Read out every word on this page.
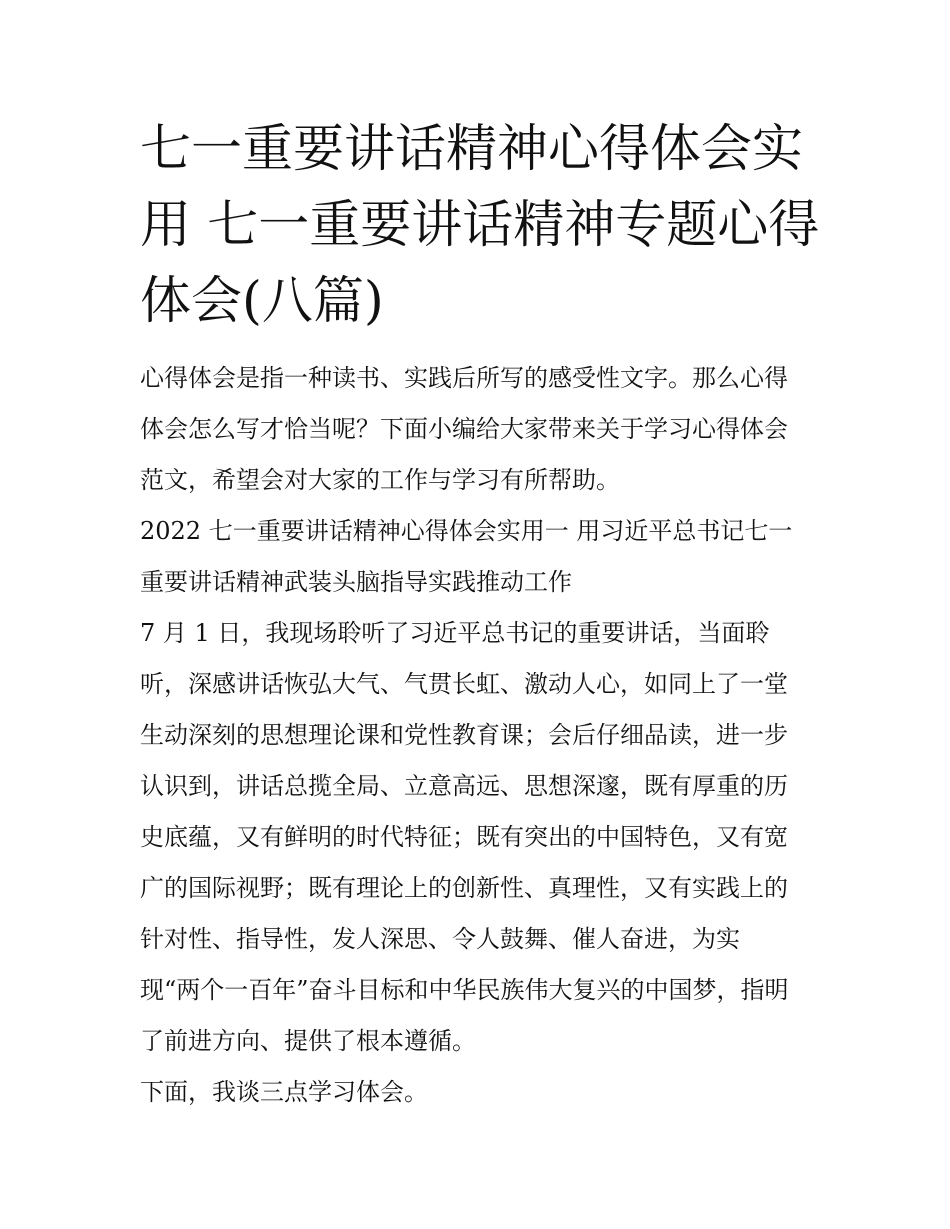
七一重要讲话精神心得体会实
用 七一重要讲话精神专题心得
体会(八篇)
心得体会是指一种读书、实践后所写的感受性文字。那么心得
体会怎么写才恰当呢？下面小编给大家带来关于学习心得体会
范文，希望会对大家的工作与学习有所帮助。
2022 七一重要讲话精神心得体会实用一 用习近平总书记七一
重要讲话精神武装头脑指导实践推动工作
7 月 1 日，我现场聆听了习近平总书记的重要讲话，当面聆
听，深感讲话恢弘大气、气贯长虹、激动人心，如同上了一堂
生动深刻的思想理论课和党性教育课；会后仔细品读，进一步
认识到，讲话总揽全局、立意高远、思想深邃，既有厚重的历
史底蕴，又有鲜明的时代特征；既有突出的中国特色，又有宽
广的国际视野；既有理论上的创新性、真理性，又有实践上的
针对性、指导性，发人深思、令人鼓舞、催人奋进，为实
现“两个一百年”奋斗目标和中华民族伟大复兴的中国梦，指明
了前进方向、提供了根本遵循。
下面，我谈三点学习体会。
